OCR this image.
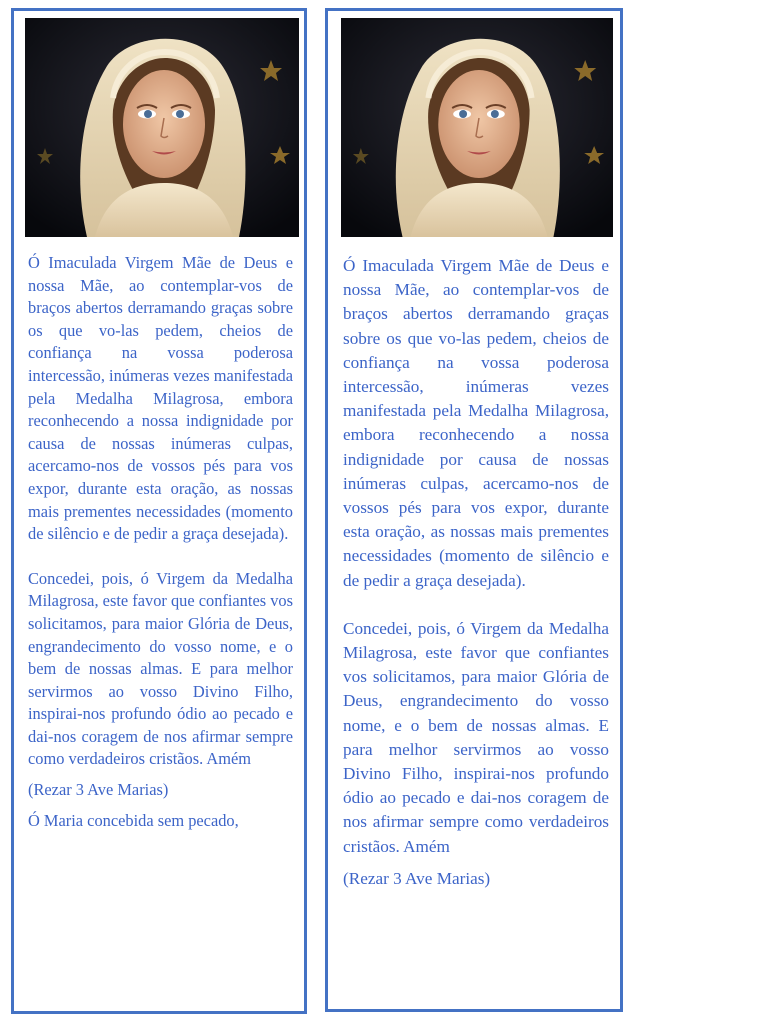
Ó Imaculada Virgem Mãe de Deus e nossa Mãe, ao contemplar-vos de braços abertos derramando graças sobre os que vo-las pedem, cheios de confiança na vossa poderosa intercessão, inúmeras vezes manifestada pela Medalha Milagrosa, embora reconhecendo a nossa indignidade por causa de nossas inúmeras culpas, acercamo-nos de vossos pés para vos expor, durante esta oração, as nossas mais prementes necessidades (momento de silêncio e de pedir a graça desejada).

Concedei, pois, ó Virgem da Medalha Milagrosa, este favor que confiantes vos solicitamos, para maior Glória de Deus, engrandecimento do vosso nome, e o bem de nossas almas. E para melhor servirmos ao vosso Divino Filho, inspirai-nos profundo ódio ao pecado e dai-nos coragem de nos afirmar sempre como verdadeiros cristãos. Amém

(Rezar 3 Ave Marias)

Ó Maria concebida sem pecado,

Ó Imaculada Virgem Mãe de Deus e nossa Mãe, ao contemplar-vos de braços abertos derramando graças sobre os que vo-las pedem, cheios de confiança na vossa poderosa intercessão, inúmeras vezes manifestada pela Medalha Milagrosa, embora reconhecendo a nossa indignidade por causa de nossas inúmeras culpas, acercamo-nos de vossos pés para vos expor, durante esta oração, as nossas mais prementes necessidades (momento de silêncio e de pedir a graça desejada).

Concedei, pois, ó Virgem da Medalha Milagrosa, este favor que confiantes vos solicitamos, para maior Glória de Deus, engrandecimento do vosso nome, e o bem de nossas almas. E para melhor servirmos ao vosso Divino Filho, inspirai-nos profundo ódio ao pecado e dai-nos coragem de nos afirmar sempre como verdadeiros cristãos. Amém

(Rezar 3 Ave Marias)
